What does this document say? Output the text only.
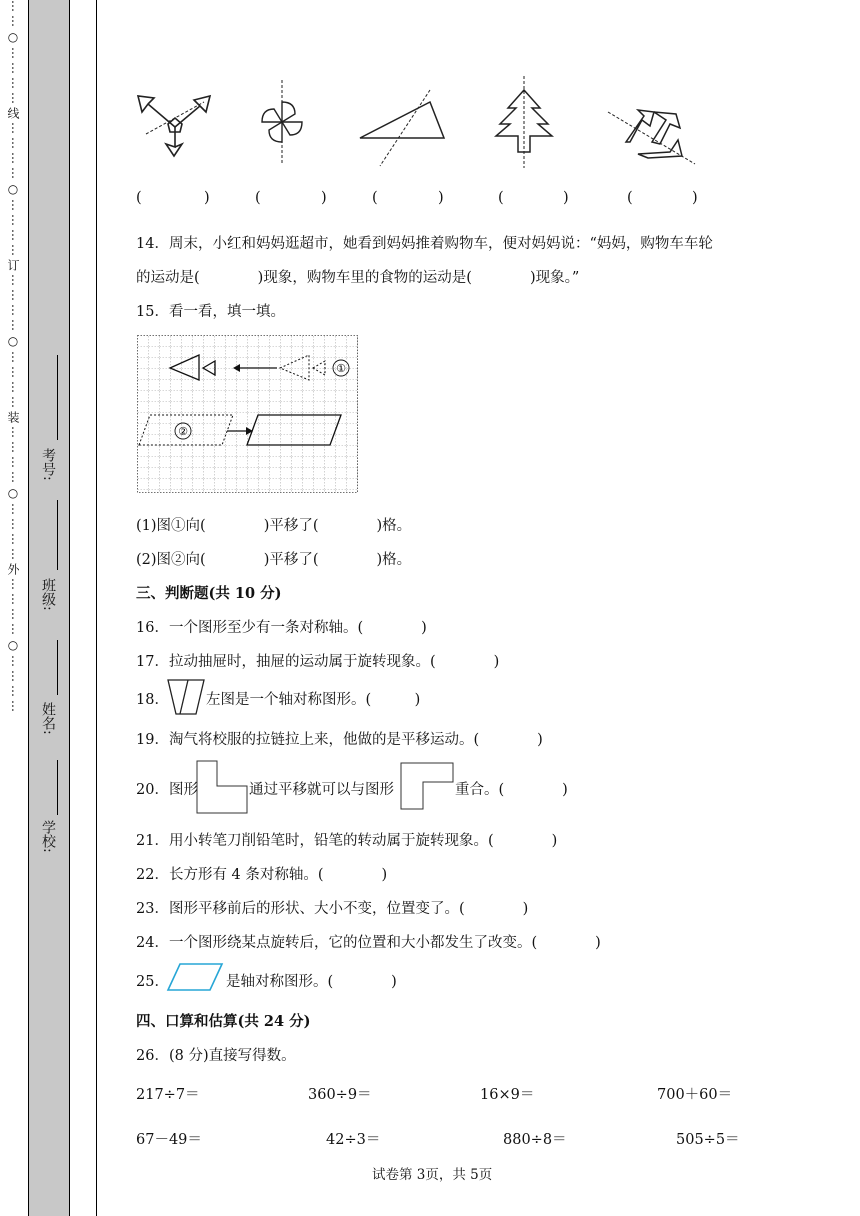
⋯⋯○⋯⋯⋯⋯线⋯⋯⋯⋯○⋯⋯⋯⋯订⋯⋯⋯⋯○⋯⋯⋯⋯装⋯⋯⋯⋯○⋯⋯⋯⋯外⋯⋯⋯⋯○⋯⋯⋯⋯
学校:
姓名:
班级:
考号:
(	)	(	)	(	)	(	)	(	)
14．周末，小红和妈妈逛超市，她看到妈妈推着购物车，便对妈妈说：“妈妈，购物车车轮
的运动是(　　　　)现象，购物车里的食物的运动是(　　　　)现象。”
15．看一看，填一填。
①
②
(1)图①向(　　　　)平移了(　　　　)格。
(2)图②向(　　　　)平移了(　　　　)格。
三、判断题(共 10 分)
16．一个图形至少有一条对称轴。(　　　　)
17．拉动抽屉时，抽屉的运动属于旋转现象。(　　　　)
18．	左图是一个轴对称图形。(　　　)
19．淘气将校服的拉链拉上来，他做的是平移运动。(　　　　)
20．图形	通过平移就可以与图形	重合。(　　　　)
21．用小转笔刀削铅笔时，铅笔的转动属于旋转现象。(　　　　)
22．长方形有 4 条对称轴。(　　　　)
23．图形平移前后的形状、大小不变，位置变了。(　　　　)
24．一个图形绕某点旋转后，它的位置和大小都发生了改变。(　　　　)
25．	是轴对称图形。(　　　　)
四、口算和估算(共 24 分)
26．(8 分)直接写得数。
217÷7＝	360÷9＝	16×9＝	700＋60＝
67－49＝	42÷3＝	880÷8＝	505÷5＝
试卷第 3页，共 5页
